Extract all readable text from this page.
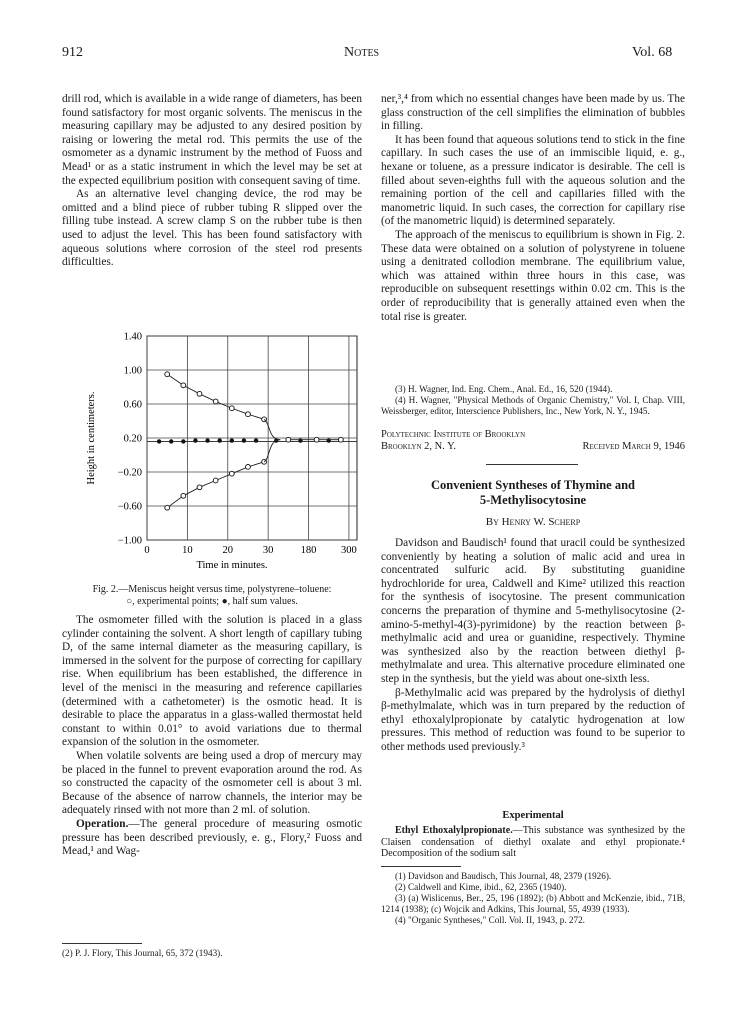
912	Notes	Vol. 68

drill rod, which is available in a wide range of diameters, has been found satisfactory for most organic solvents. The meniscus in the measuring capillary may be adjusted to any desired position by raising or lowering the metal rod. This permits the use of the osmometer as a dynamic instrument by the method of Fuoss and Mead¹ or as a static instrument in which the level may be set at the expected equilibrium position with consequent saving of time.

As an alternative level changing device, the rod may be omitted and a blind piece of rubber tubing R slipped over the filling tube instead. A screw clamp S on the rubber tube is then used to adjust the level. This has been found satisfactory with aqueous solutions where corrosion of the steel rod presents difficulties.

1.40
1.00
0.60
0.20
−0.20
−0.60
−1.00
0	10	20	30	180 300
Time in minutes.
Height in centimeters.
Fig. 2.—Meniscus height versus time, polystyrene–toluene:
○, experimental points; ●, half sum values.

The osmometer filled with the solution is placed in a glass cylinder containing the solvent. A short length of capillary tubing D, of the same internal diameter as the measuring capillary, is immersed in the solvent for the purpose of correcting for capillary rise. When equilibrium has been established, the difference in level of the menisci in the measuring and reference capillaries (determined with a cathetometer) is the osmotic head. It is desirable to place the apparatus in a glass-walled thermostat held constant to within 0.01° to avoid variations due to thermal expansion of the solution in the osmometer.

When volatile solvents are being used a drop of mercury may be placed in the funnel to prevent evaporation around the rod. As so constructed the capacity of the osmometer cell is about 3 ml. Because of the absence of narrow channels, the interior may be adequately rinsed with not more than 2 ml. of solution.

Operation.—The general procedure of measuring osmotic pressure has been described previously, e. g., Flory,² Fuoss and Mead,¹ and Wag-

(2) P. J. Flory, This Journal, 65, 372 (1943).

ner,³,⁴ from which no essential changes have been made by us. The glass construction of the cell simplifies the elimination of bubbles in filling.

It has been found that aqueous solutions tend to stick in the fine capillary. In such cases the use of an immiscible liquid, e. g., hexane or toluene, as a pressure indicator is desirable. The cell is filled about seven-eighths full with the aqueous solution and the remaining portion of the cell and capillaries filled with the manometric liquid. In such cases, the correction for capillary rise (of the manometric liquid) is determined separately.

The approach of the meniscus to equilibrium is shown in Fig. 2. These data were obtained on a solution of polystyrene in toluene using a denitrated collodion membrane. The equilibrium value, which was attained within three hours in this case, was reproducible on subsequent resettings within 0.02 cm. This is the order of reproducibility that is generally attained even when the total rise is greater.

(3) H. Wagner, Ind. Eng. Chem., Anal. Ed., 16, 520 (1944).

(4) H. Wagner, "Physical Methods of Organic Chemistry," Vol. I, Chap. VIII, Weissberger, editor, Interscience Publishers, Inc., New York, N. Y., 1945.

Polytechnic Institute of Brooklyn
Brooklyn 2, N. Y.	Received March 9, 1946
Convenient Syntheses of Thymine and
5-Methylisocytosine
By Henry W. Scherp

Davidson and Baudisch¹ found that uracil could be synthesized conveniently by heating a solution of malic acid and urea in concentrated sulfuric acid. By substituting guanidine hydrochloride for urea, Caldwell and Kime² utilized this reaction for the synthesis of isocytosine. The present communication concerns the preparation of thymine and 5-methylisocytosine (2-amino-5-methyl-4(3)-pyrimidone) by the reaction between β-methylmalic acid and urea or guanidine, respectively. Thymine was synthesized also by the reaction between diethyl β-methylmalate and urea. This alternative procedure eliminated one step in the synthesis, but the yield was about one-sixth less.

β-Methylmalic acid was prepared by the hydrolysis of diethyl β-methylmalate, which was in turn prepared by the reduction of ethyl ethoxalylpropionate by catalytic hydrogenation at low pressures. This method of reduction was found to be superior to other methods used previously.³

Experimental

Ethyl Ethoxalylpropionate.—This substance was synthesized by the Claisen condensation of diethyl oxalate and ethyl propionate.⁴ Decomposition of the sodium salt

(1) Davidson and Baudisch, This Journal, 48, 2379 (1926).

(2) Caldwell and Kime, ibid., 62, 2365 (1940).

(3) (a) Wislicenus, Ber., 25, 196 (1892); (b) Abbott and McKenzie, ibid., 71B, 1214 (1938); (c) Wojcik and Adkins, This Journal, 55, 4939 (1933).

(4) "Organic Syntheses," Coll. Vol. II, 1943, p. 272.
